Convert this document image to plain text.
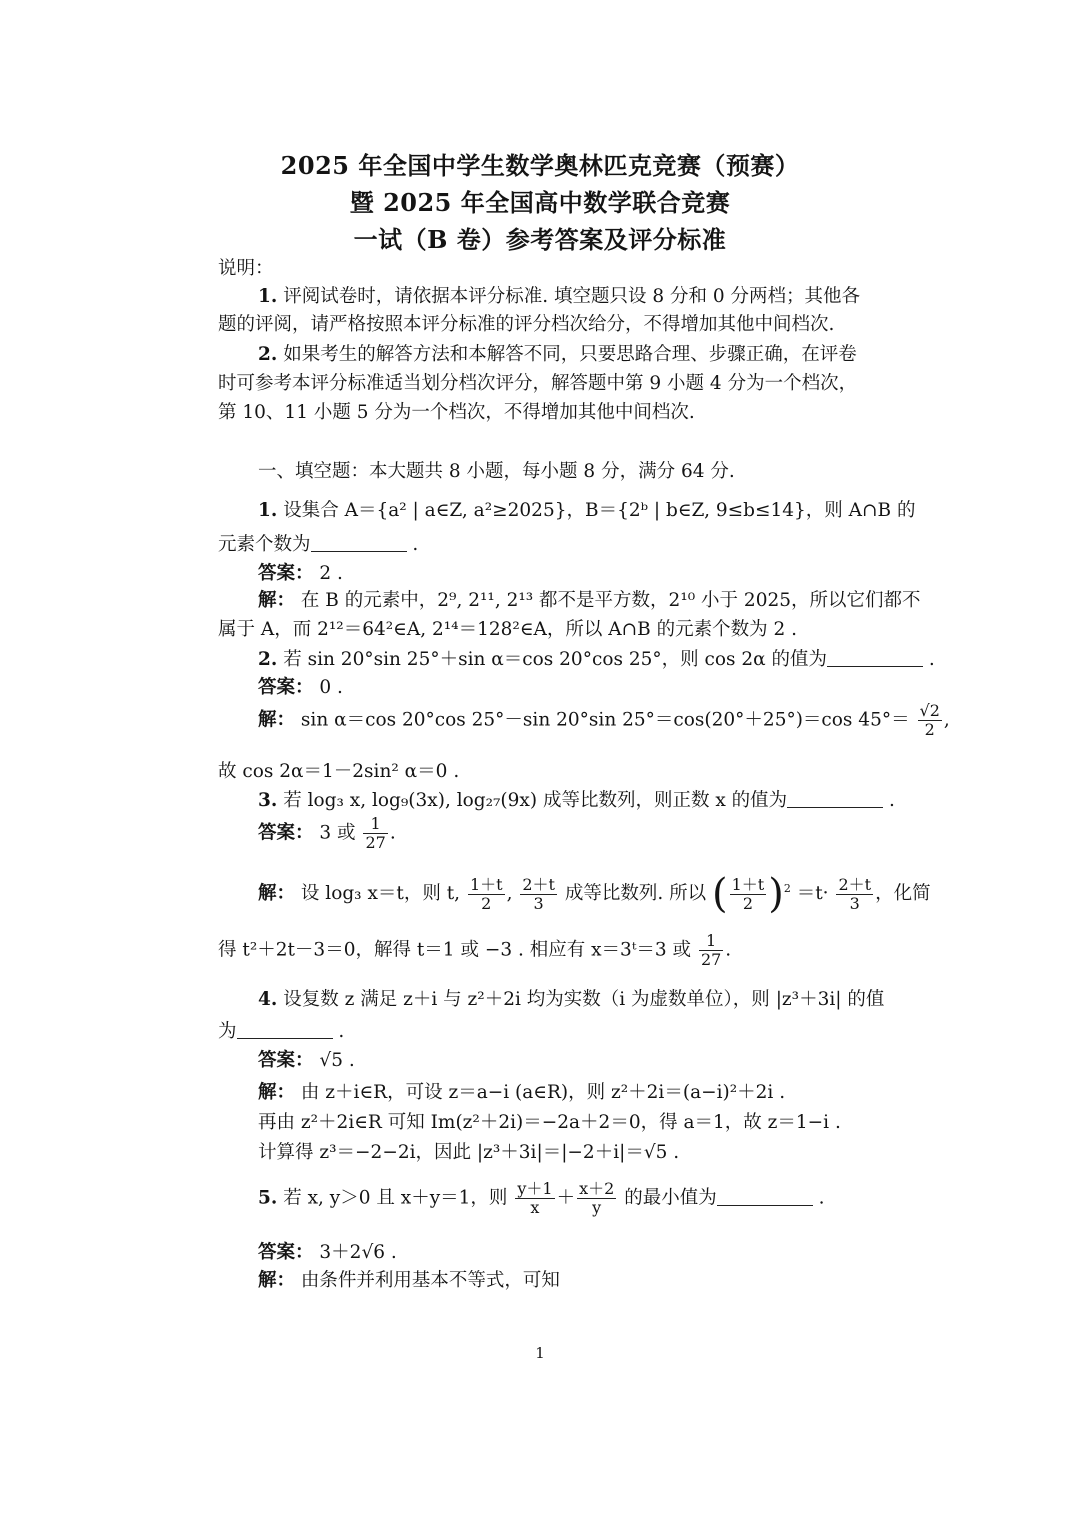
2025 年全国中学生数学奥林匹克竞赛（预赛）
暨 2025 年全国高中数学联合竞赛
一试（B 卷）参考答案及评分标准
说明：
1. 评阅试卷时，请依据本评分标准. 填空题只设 8 分和 0 分两档；其他各
题的评阅，请严格按照本评分标准的评分档次给分，不得增加其他中间档次.
2. 如果考生的解答方法和本解答不同，只要思路合理、步骤正确，在评卷
时可参考本评分标准适当划分档次评分，解答题中第 9 小题 4 分为一个档次，
第 10、11 小题 5 分为一个档次，不得增加其他中间档次.
一、填空题：本大题共 8 小题，每小题 8 分，满分 64 分.
1. 设集合 A＝{a² | a∈Z, a²≥2025}，B＝{2ᵇ | b∈Z, 9≤b≤14}，则 A∩B 的
元素个数为	.
答案： 2 .
解： 在 B 的元素中，2⁹, 2¹¹, 2¹³ 都不是平方数，2¹⁰ 小于 2025，所以它们都不
属于 A，而 2¹²＝64²∈A, 2¹⁴＝128²∈A，所以 A∩B 的元素个数为 2 .
2. 若 sin 20°sin 25°＋sin α＝cos 20°cos 25°，则 cos 2α 的值为	.
答案： 0 .
解： sin α＝cos 20°cos 25°－sin 20°sin 25°＝cos(20°＋25°)＝cos $45^\circ= \frac{√2}{2}$ ,
故 cos 2α＝1－2sin² α＝0 .
3. 若 log₃ x, log₉(3x), log₂₇(9x) 成等比数列，则正数 x 的值为	.
答案： 3 或 $\frac{1}{27}$ .
解： 设 log₃ x＝t，则 t, $\frac{1+t}{2}$ , $\frac{2+t}{3}$ 成等比数列. 所以 ( $\frac{1+t}{2} )^2 =t\cdot \frac{2+t}{3}$ ，化简
得 t²＋2t－3＝0，解得 t＝1 或 −3 . 相应有 x＝3ᵗ＝3 或 $\frac{1}{27}$ .
4. 设复数 z 满足 z＋i 与 z²＋2i 均为实数（i 为虚数单位），则 |z³＋3i| 的值
为	.
答案： √5 .
解： 由 z＋i∈R，可设 z＝a−i (a∈R)，则 z²＋2i＝(a−i)²＋2i .
再由 z²＋2i∈R 可知 Im(z²＋2i)＝−2a＋2＝0，得 a＝1，故 z＝1−i .
计算得 z³＝−2−2i，因此 |z³＋3i|＝|−2＋i|＝√5 .
5. 若 x, y＞0 且 x＋y＝1，则 $\frac{y+1}{x} + \frac{x+2}{y}$ 的最小值为	.
答案： 3＋2√6 .
解： 由条件并利用基本不等式，可知
1
